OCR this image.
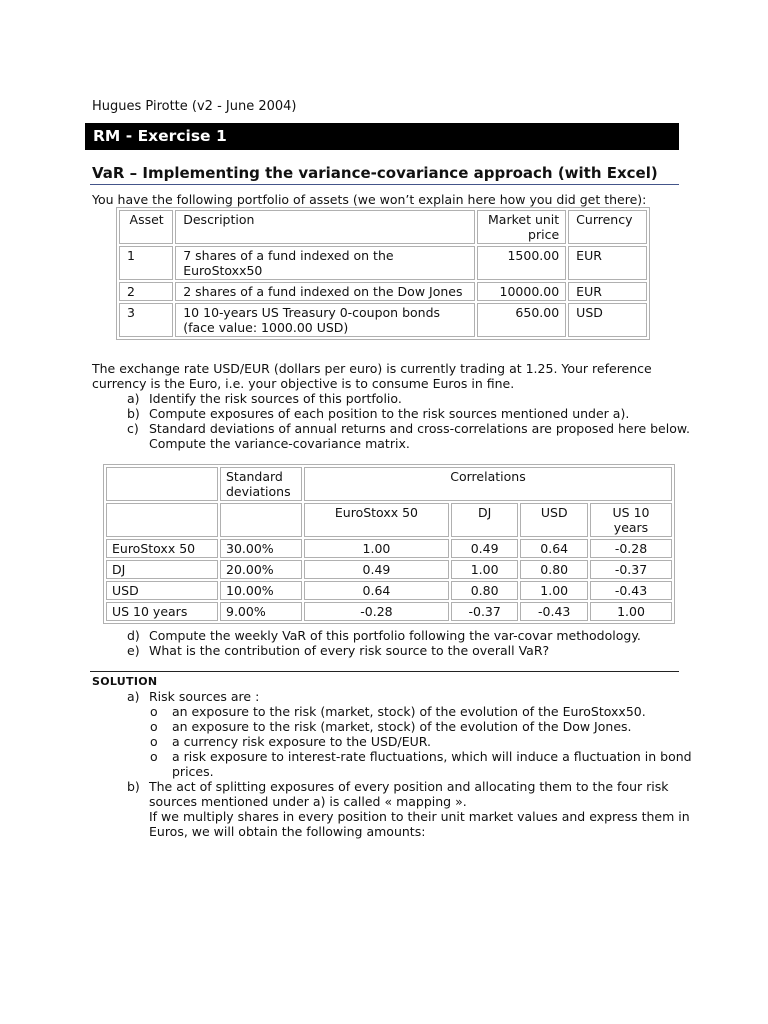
Hugues Pirotte (v2 - June 2004)
RM - Exercise 1
VaR – Implementing the variance-covariance approach (with Excel)
You have the following portfolio of assets (we won’t explain here how you did get there):
Asset	Description	Market unit price	Currency
1	7 shares of a fund indexed on the EuroStoxx50	1500.00	EUR
2	2 shares of a fund indexed on the Dow Jones	10000.00	EUR
3	10 10-years US Treasury 0-coupon bonds (face value: 1000.00 USD)	650.00	USD
The exchange rate USD/EUR (dollars per euro) is currently trading at 1.25. Your reference currency is the Euro, i.e. your objective is to consume Euros in fine.
a) Identify the risk sources of this portfolio.
b) Compute exposures of each position to the risk sources mentioned under a).
c) Standard deviations of annual returns and cross-correlations are proposed here below. Compute the variance-covariance matrix.
	Standard deviations	Correlations			
		EuroStoxx 50	DJ	USD	US 10 years
EuroStoxx 50	30.00%	1.00	0.49	0.64	-0.28
DJ	20.00%	0.49	1.00	0.80	-0.37
USD	10.00%	0.64	0.80	1.00	-0.43
US 10 years	9.00%	-0.28	-0.37	-0.43	1.00
d) Compute the weekly VaR of this portfolio following the var-covar methodology.
e) What is the contribution of every risk source to the overall VaR?
SOLUTION
a) Risk sources are :
o an exposure to the risk (market, stock) of the evolution of the EuroStoxx50.
o an exposure to the risk (market, stock) of the evolution of the Dow Jones.
o a currency risk exposure to the USD/EUR.
o a risk exposure to interest-rate fluctuations, which will induce a fluctuation in bond prices.
b) The act of splitting exposures of every position and allocating them to the four risk sources mentioned under a) is called « mapping ».
If we multiply shares in every position to their unit market values and express them in Euros, we will obtain the following amounts:
